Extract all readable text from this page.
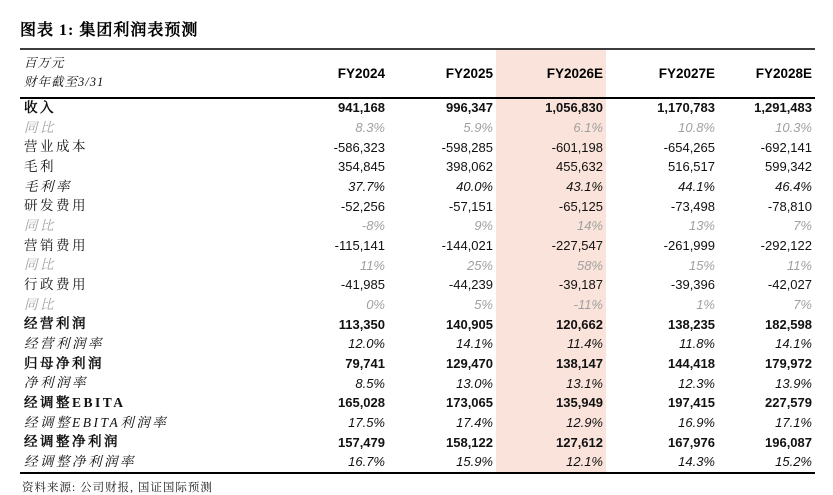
图表 1: 集团利润表预测
百万元
财年截至3/31	FY2024	FY2025	FY2026E	FY2027E	FY2028E
收入	941,168	996,347	1,056,830	1,170,783	1,291,483
同比	8.3%	5.9%	6.1%	10.8%	10.3%
营业成本	-586,323	-598,285	-601,198	-654,265	-692,141
毛利	354,845	398,062	455,632	516,517	599,342
毛利率	37.7%	40.0%	43.1%	44.1%	46.4%
研发费用	-52,256	-57,151	-65,125	-73,498	-78,810
同比	-8%	9%	14%	13%	7%
营销费用	-115,141	-144,021	-227,547	-261,999	-292,122
同比	11%	25%	58%	15%	11%
行政费用	-41,985	-44,239	-39,187	-39,396	-42,027
同比	0%	5%	-11%	1%	7%
经营利润	113,350	140,905	120,662	138,235	182,598
经营利润率	12.0%	14.1%	11.4%	11.8%	14.1%
归母净利润	79,741	129,470	138,147	144,418	179,972
净利润率	8.5%	13.0%	13.1%	12.3%	13.9%
经调整EBITA	165,028	173,065	135,949	197,415	227,579
经调整EBITA利润率	17.5%	17.4%	12.9%	16.9%	17.1%
经调整净利润	157,479	158,122	127,612	167,976	196,087
经调整净利润率	16.7%	15.9%	12.1%	14.3%	15.2%
资料来源: 公司财报, 国证国际预测
